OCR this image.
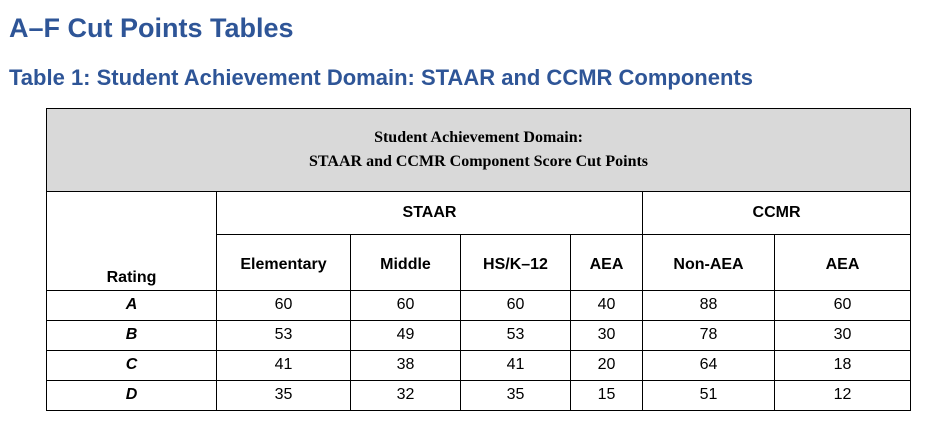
A–F Cut Points Tables
Table 1: Student Achievement Domain: STAAR and CCMR Components
Student Achievement Domain:
STAAR and CCMR Component Score Cut Points						

	STAAR				CCMR	
Rating	Elementary	Middle	HS/K–12	AEA	Non-AEA	AEA
A	60	60	60	40	88	60
B	53	49	53	30	78	30
C	41	38	41	20	64	18
D	35	32	35	15	51	12
